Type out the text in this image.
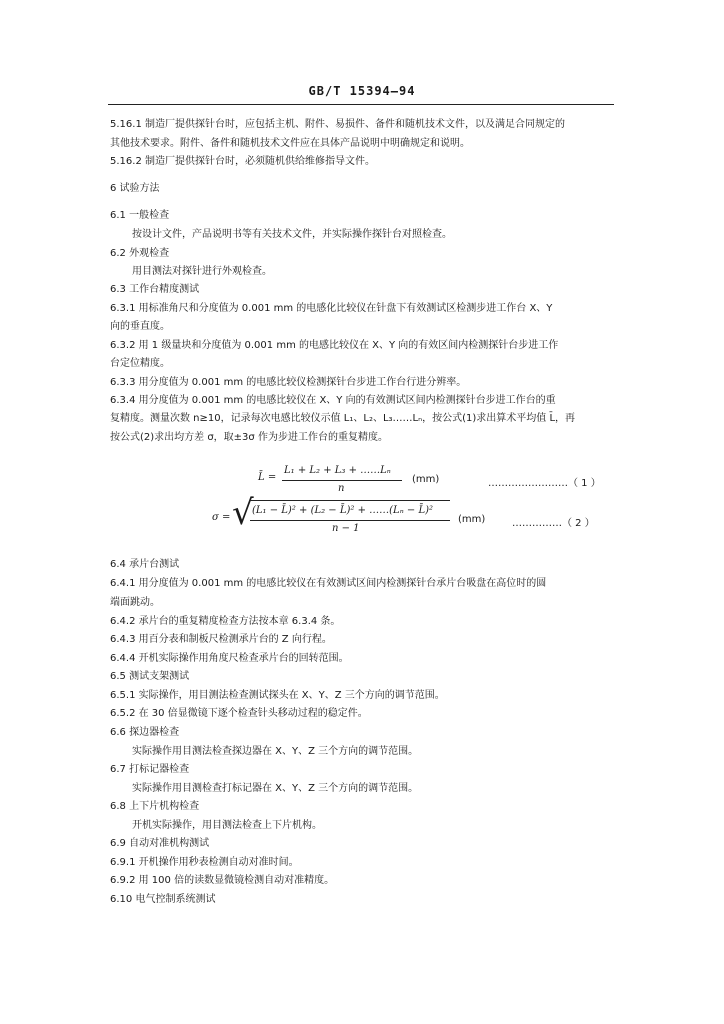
GB/T 15394—94
5.16.1 制造厂提供探针台时，应包括主机、附件、易损件、备件和随机技术文件，以及满足合同规定的
其他技术要求。附件、备件和随机技术文件应在具体产品说明中明确规定和说明。
5.16.2 制造厂提供探针台时，必须随机供给维修指导文件。
6 试验方法
6.1 一般检查
按设计文件，产品说明书等有关技术文件，并实际操作探针台对照检查。
6.2 外观检查
用目测法对探针进行外观检查。
6.3 工作台精度测试
6.3.1 用标准角尺和分度值为 0.001 mm 的电感化比较仪在针盘下有效测试区检测步进工作台 X、Y
向的垂直度。
6.3.2 用 1 级量块和分度值为 0.001 mm 的电感比较仪在 X、Y 向的有效区间内检测探针台步进工作
台定位精度。
6.3.3 用分度值为 0.001 mm 的电感比较仪检测探针台步进工作台行进分辨率。
6.3.4 用分度值为 0.001 mm 的电感比较仪在 X、Y 向的有效测试区间内检测探针台步进工作台的重
复精度。测量次数 n≥10，记录每次电感比较仪示值 L₁、L₂、L₃……Lₙ，按公式(1)求出算术平均值 L̄，再
按公式(2)求出均方差 σ，取±3σ 作为步进工作台的重复精度。
L̄ =
L₁ + L₂ + L₃ + ……Lₙ
n
(mm)	……………………（ 1 ）
σ = √
(L₁ − L̄)² + (L₂ − L̄)² + ……(Lₙ − L̄)²
n − 1
(mm)	……………（ 2 ）
6.4 承片台测试
6.4.1 用分度值为 0.001 mm 的电感比较仪在有效测试区间内检测探针台承片台吸盘在高位时的圆
端面跳动。
6.4.2 承片台的重复精度检查方法按本章 6.3.4 条。
6.4.3 用百分表和制板尺检测承片台的 Z 向行程。
6.4.4 开机实际操作用角度尺检查承片台的回转范围。
6.5 测试支架测试
6.5.1 实际操作，用目测法检查测试探头在 X、Y、Z 三个方向的调节范围。
6.5.2 在 30 倍显微镜下逐个检查针头移动过程的稳定件。
6.6 探边器检查
实际操作用目测法检查探边器在 X、Y、Z 三个方向的调节范围。
6.7 打标记器检查
实际操作用目测检查打标记器在 X、Y、Z 三个方向的调节范围。
6.8 上下片机构检查
开机实际操作，用目测法检查上下片机构。
6.9 自动对准机构测试
6.9.1 开机操作用秒表检测自动对准时间。
6.9.2 用 100 倍的读数显微镜检测自动对准精度。
6.10 电气控制系统测试
